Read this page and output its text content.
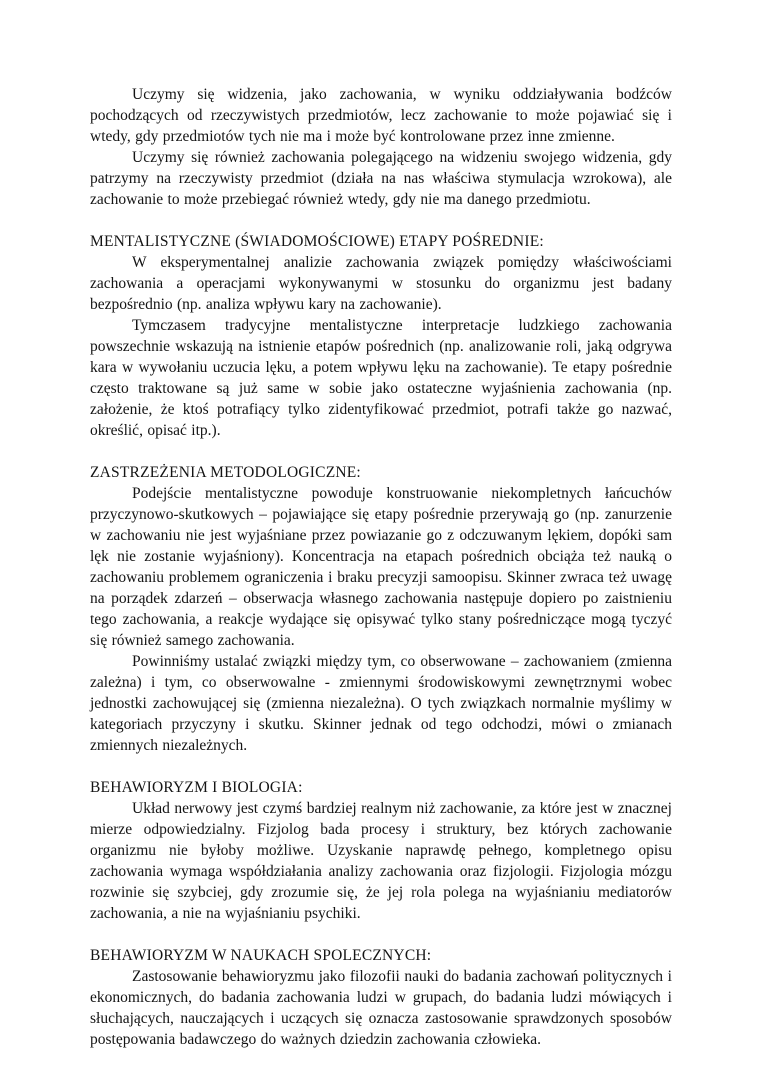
Uczymy się widzenia, jako zachowania, w wyniku oddziaływania bodźców pochodzących od rzeczywistych przedmiotów, lecz zachowanie to może pojawiać się i wtedy, gdy przedmiotów tych nie ma i może być kontrolowane przez inne zmienne.

Uczymy się również zachowania polegającego na widzeniu swojego widzenia, gdy patrzymy na rzeczywisty przedmiot (działa na nas właściwa stymulacja wzrokowa), ale zachowanie to może przebiegać również wtedy, gdy nie ma danego przedmiotu.

MENTALISTYCZNE (ŚWIADOMOŚCIOWE) ETAPY POŚREDNIE:

W eksperymentalnej analizie zachowania związek pomiędzy właściwościami zachowania a operacjami wykonywanymi w stosunku do organizmu jest badany bezpośrednio (np. analiza wpływu kary na zachowanie).

Tymczasem tradycyjne mentalistyczne interpretacje ludzkiego zachowania powszechnie wskazują na istnienie etapów pośrednich (np. analizowanie roli, jaką odgrywa kara w wywołaniu uczucia lęku, a potem wpływu lęku na zachowanie). Te etapy pośrednie często traktowane są już same w sobie jako ostateczne wyjaśnienia zachowania (np. założenie, że ktoś potrafiący tylko zidentyfikować przedmiot, potrafi także go nazwać, określić, opisać itp.).

ZASTRZEŻENIA METODOLOGICZNE:

Podejście mentalistyczne powoduje konstruowanie niekompletnych łańcuchów przyczynowo-skutkowych – pojawiające się etapy pośrednie przerywają go (np. zanurzenie w zachowaniu nie jest wyjaśniane przez powiazanie go z odczuwanym lękiem, dopóki sam lęk nie zostanie wyjaśniony). Koncentracja na etapach pośrednich obciąża też nauką o zachowaniu problemem ograniczenia i braku precyzji samoopisu. Skinner zwraca też uwagę na porządek zdarzeń – obserwacja własnego zachowania następuje dopiero po zaistnieniu tego zachowania, a reakcje wydające się opisywać tylko stany pośredniczące mogą tyczyć się również samego zachowania.

Powinniśmy ustalać związki między tym, co obserwowane – zachowaniem (zmienna zależna) i tym, co obserwowalne - zmiennymi środowiskowymi zewnętrznymi wobec jednostki zachowującej się (zmienna niezależna). O tych związkach normalnie myślimy w kategoriach przyczyny i skutku. Skinner jednak od tego odchodzi, mówi o zmianach zmiennych niezależnych.

BEHAWIORYZM I BIOLOGIA:

Układ nerwowy jest czymś bardziej realnym niż zachowanie, za które jest w znacznej mierze odpowiedzialny. Fizjolog bada procesy i struktury, bez których zachowanie organizmu nie byłoby możliwe. Uzyskanie naprawdę pełnego, kompletnego opisu zachowania wymaga współdziałania analizy zachowania oraz fizjologii. Fizjologia mózgu rozwinie się szybciej, gdy zrozumie się, że jej rola polega na wyjaśnianiu mediatorów zachowania, a nie na wyjaśnianiu psychiki.

BEHAWIORYZM W NAUKACH SPOLECZNYCH:

Zastosowanie behawioryzmu jako filozofii nauki do badania zachowań politycznych i ekonomicznych, do badania zachowania ludzi w grupach, do badania ludzi mówiących i słuchających, nauczających i uczących się oznacza zastosowanie sprawdzonych sposobów postępowania badawczego do ważnych dziedzin zachowania człowieka.
